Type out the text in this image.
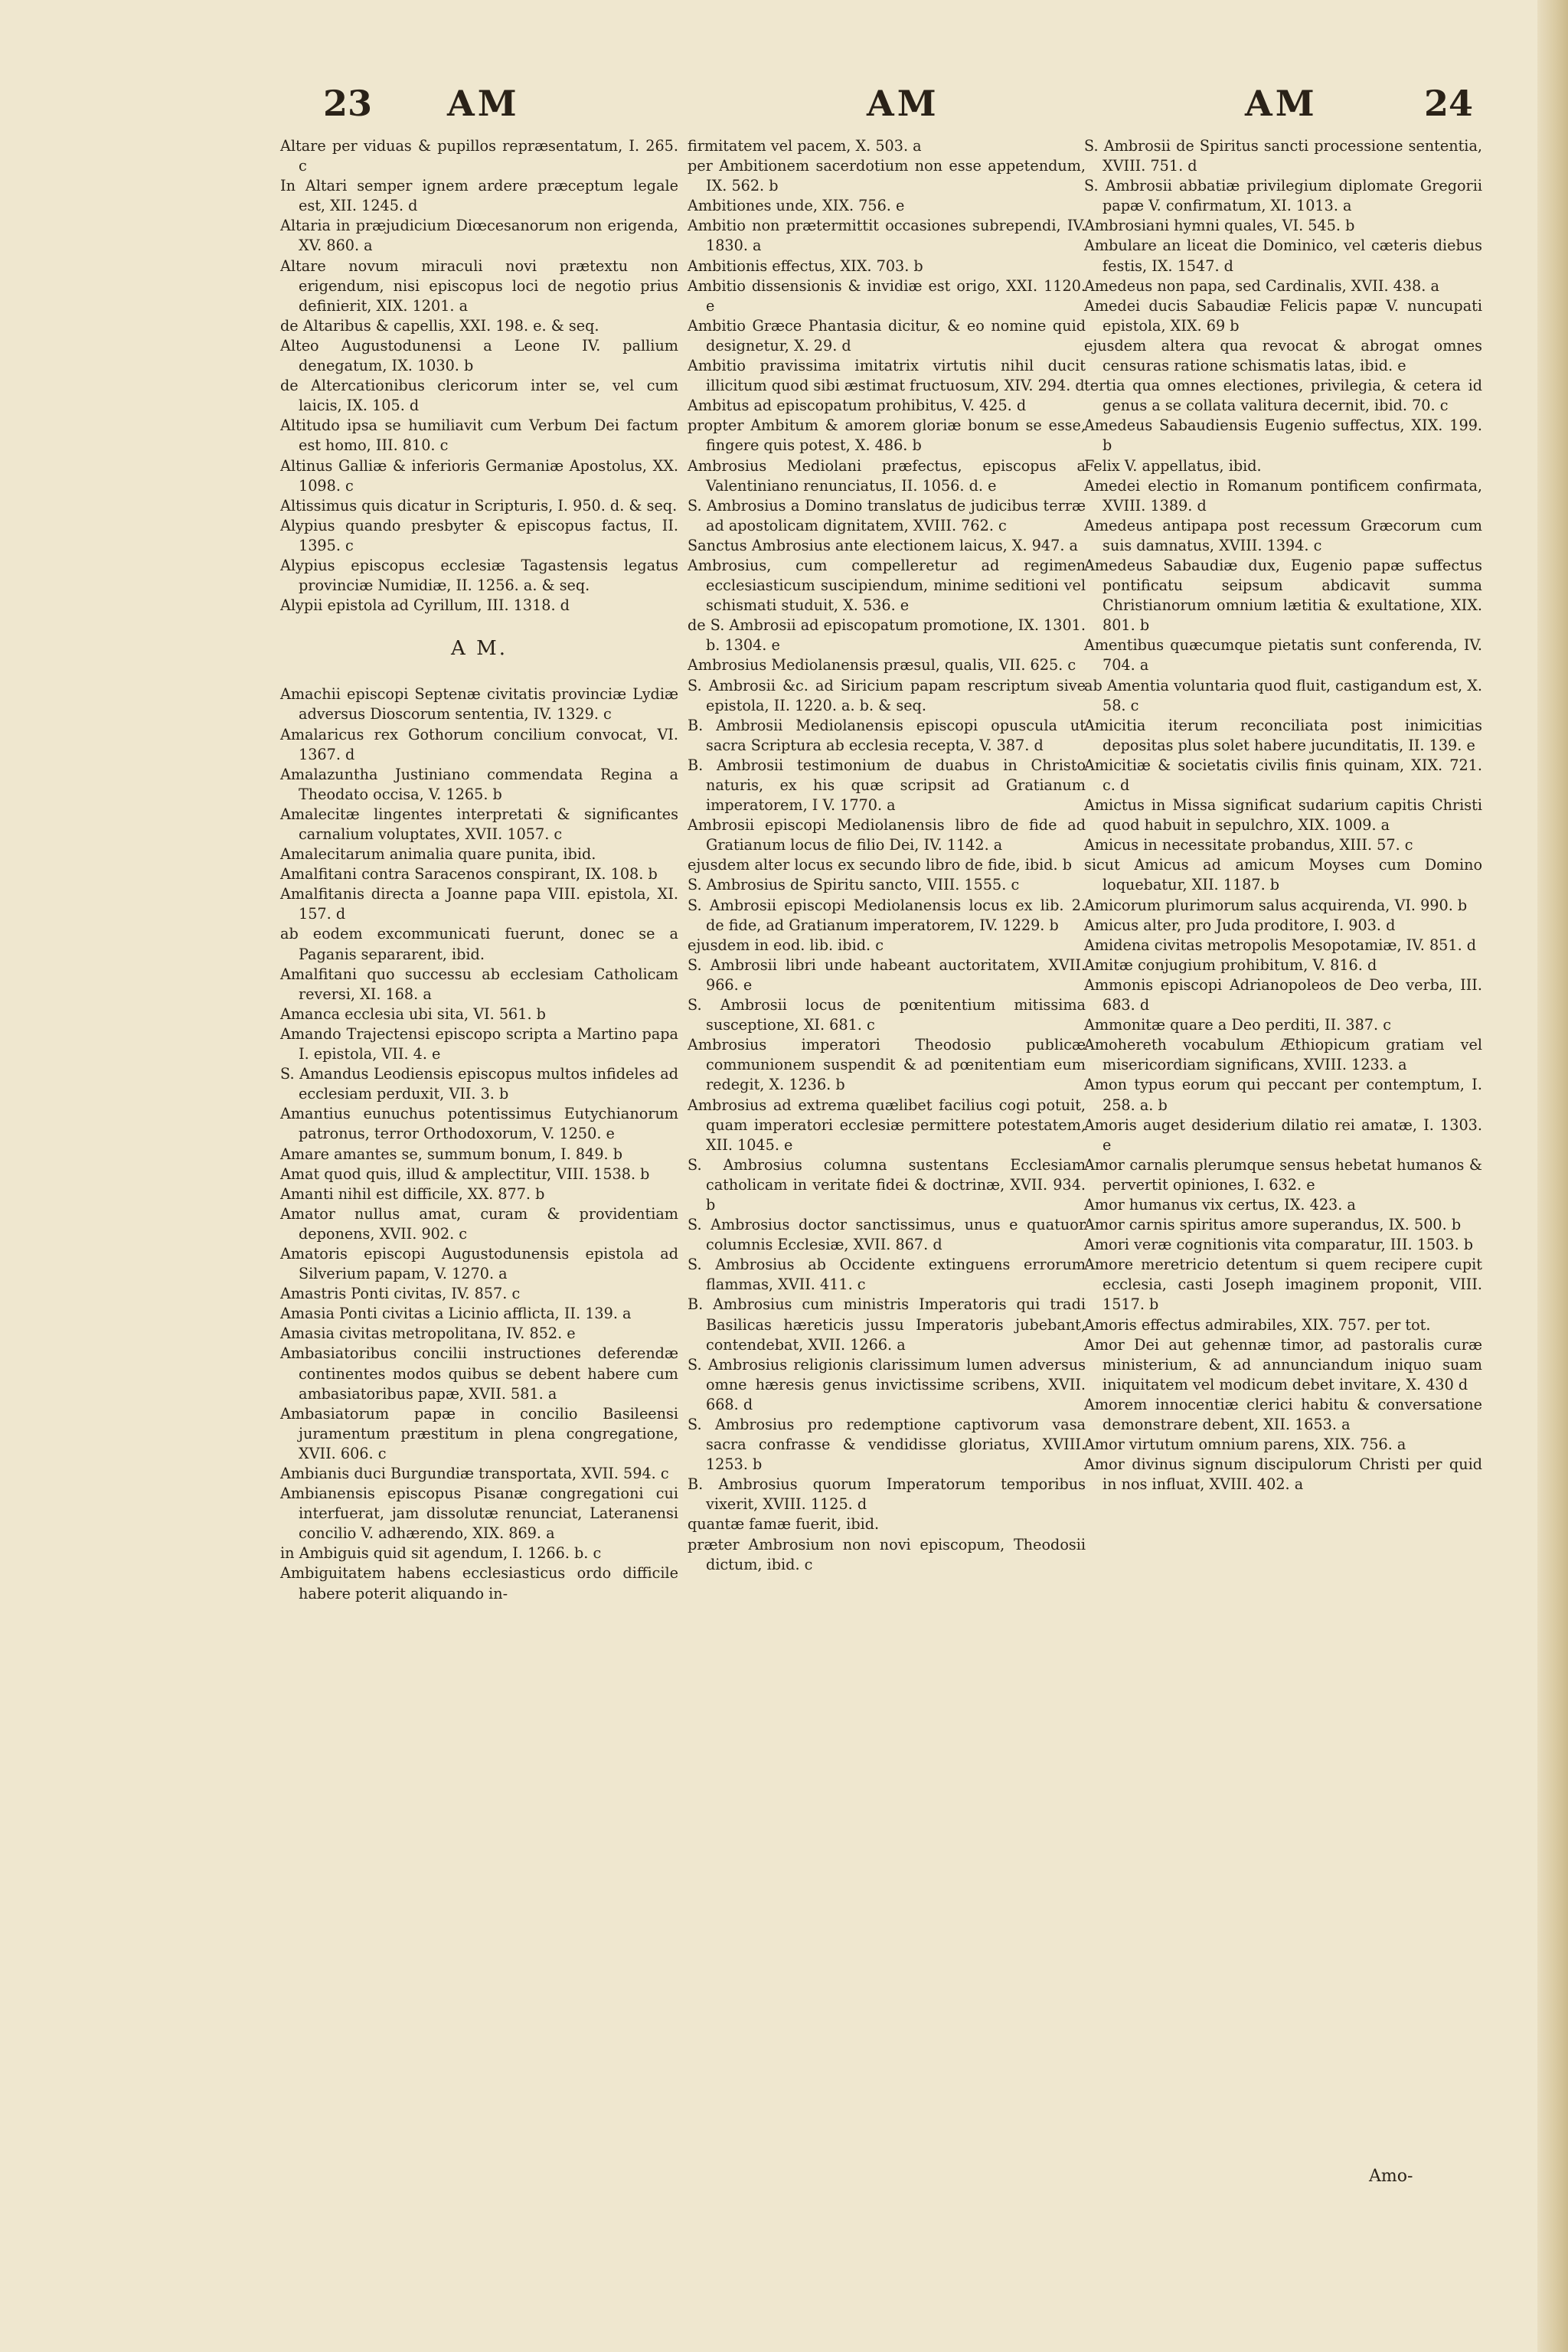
23 AM	AM	AM	24

Altare per viduas & pupillos repræsentatum, I. 265. c

In Altari semper ignem ardere præceptum legale est, XII. 1245. d

Altaria in præjudicium Diœcesanorum non erigenda, XV. 860. a

Altare novum miraculi novi prætextu non erigendum, nisi episcopus loci de negotio prius definierit, XIX. 1201. a

de Altaribus & capellis, XXI. 198. e. & seq.

Alteo Augustodunensi a Leone IV. pallium denegatum, IX. 1030. b

de Altercationibus clericorum inter se, vel cum laicis, IX. 105. d

Altitudo ipsa se humiliavit cum Verbum Dei factum est homo, III. 810. c

Altinus Galliæ & inferioris Germaniæ Apostolus, XX. 1098. c

Altissimus quis dicatur in Scripturis, I. 950. d. & seq.

Alypius quando presbyter & episcopus factus, II. 1395. c

Alypius episcopus ecclesiæ Tagastensis legatus provinciæ Numidiæ, II. 1256. a. & seq.

Alypii epistola ad Cyrillum, III. 1318. d

A M.

Amachii episcopi Septenæ civitatis provinciæ Lydiæ adversus Dioscorum sententia, IV. 1329. c

Amalaricus rex Gothorum concilium convocat, VI. 1367. d

Amalazuntha Justiniano commendata Regina a Theodato occisa, V. 1265. b

Amalecitæ lingentes interpretati & significantes carnalium voluptates, XVII. 1057. c

Amalecitarum animalia quare punita, ibid.

Amalfitani contra Saracenos conspirant, IX. 108. b

Amalfitanis directa a Joanne papa VIII. epistola, XI. 157. d

ab eodem excommunicati fuerunt, donec se a Paganis separarent, ibid.

Amalfitani quo successu ab ecclesiam Catholicam reversi, XI. 168. a

Amanca ecclesia ubi sita, VI. 561. b

Amando Trajectensi episcopo scripta a Martino papa I. epistola, VII. 4. e

S. Amandus Leodiensis episcopus multos infideles ad ecclesiam perduxit, VII. 3. b

Amantius eunuchus potentissimus Eutychianorum patronus, terror Orthodoxorum, V. 1250. e

Amare amantes se, summum bonum, I. 849. b

Amat quod quis, illud & amplectitur, VIII. 1538. b

Amanti nihil est difficile, XX. 877. b

Amator nullus amat, curam & providentiam deponens, XVII. 902. c

Amatoris episcopi Augustodunensis epistola ad Silverium papam, V. 1270. a

Amastris Ponti civitas, IV. 857. c

Amasia Ponti civitas a Licinio afflicta, II. 139. a

Amasia civitas metropolitana, IV. 852. e

Ambasiatoribus concilii instructiones deferendæ continentes modos quibus se debent habere cum ambasiatoribus papæ, XVII. 581. a

Ambasiatorum papæ in concilio Basileensi juramentum præstitum in plena congregatione, XVII. 606. c

Ambianis duci Burgundiæ transportata, XVII. 594. c

Ambianensis episcopus Pisanæ congregationi cui interfuerat, jam dissolutæ renunciat, Lateranensi concilio V. adhærendo, XIX. 869. a

in Ambiguis quid sit agendum, I. 1266. b. c

Ambiguitatem habens ecclesiasticus ordo difficile habere poterit aliquando in-

firmitatem vel pacem, X. 503. a

per Ambitionem sacerdotium non esse appetendum, IX. 562. b

Ambitiones unde, XIX. 756. e

Ambitio non prætermittit occasiones subrependi, IV. 1830. a

Ambitionis effectus, XIX. 703. b

Ambitio dissensionis & invidiæ est origo, XXI. 1120. e

Ambitio Græce Phantasia dicitur, & eo nomine quid designetur, X. 29. d

Ambitio pravissima imitatrix virtutis nihil ducit illicitum quod sibi æstimat fructuosum, XIV. 294. d

Ambitus ad episcopatum prohibitus, V. 425. d

propter Ambitum & amorem gloriæ bonum se esse, fingere quis potest, X. 486. b

Ambrosius Mediolani præfectus, episcopus a Valentiniano renunciatus, II. 1056. d. e

S. Ambrosius a Domino translatus de judicibus terræ ad apostolicam dignitatem, XVIII. 762. c

Sanctus Ambrosius ante electionem laicus, X. 947. a

Ambrosius, cum compelleretur ad regimen ecclesiasticum suscipiendum, minime seditioni vel schismati studuit, X. 536. e

de S. Ambrosii ad episcopatum promotione, IX. 1301. b. 1304. e

Ambrosius Mediolanensis præsul, qualis, VII. 625. c

S. Ambrosii &c. ad Siricium papam rescriptum sive epistola, II. 1220. a. b. & seq.

B. Ambrosii Mediolanensis episcopi opuscula ut sacra Scriptura ab ecclesia recepta, V. 387. d

B. Ambrosii testimonium de duabus in Christo naturis, ex his quæ scripsit ad Gratianum imperatorem, I V. 1770. a

Ambrosii episcopi Mediolanensis libro de fide ad Gratianum locus de filio Dei, IV. 1142. a

ejusdem alter locus ex secundo libro de fide, ibid. b

S. Ambrosius de Spiritu sancto, VIII. 1555. c

S. Ambrosii episcopi Mediolanensis locus ex lib. 2. de fide, ad Gratianum imperatorem, IV. 1229. b

ejusdem in eod. lib. ibid. c

S. Ambrosii libri unde habeant auctoritatem, XVII. 966. e

S. Ambrosii locus de pœnitentium mitissima susceptione, XI. 681. c

Ambrosius imperatori Theodosio publicæ communionem suspendit & ad pœnitentiam eum redegit, X. 1236. b

Ambrosius ad extrema quælibet facilius cogi potuit, quam imperatori ecclesiæ permittere potestatem, XII. 1045. e

S. Ambrosius columna sustentans Ecclesiam catholicam in veritate fidei & doctrinæ, XVII. 934. b

S. Ambrosius doctor sanctissimus, unus e quatuor columnis Ecclesiæ, XVII. 867. d

S. Ambrosius ab Occidente extinguens errorum flammas, XVII. 411. c

B. Ambrosius cum ministris Imperatoris qui tradi Basilicas hæreticis jussu Imperatoris jubebant, contendebat, XVII. 1266. a

S. Ambrosius religionis clarissimum lumen adversus omne hæresis genus invictissime scribens, XVII. 668. d

S. Ambrosius pro redemptione captivorum vasa sacra confrasse & vendidisse gloriatus, XVIII. 1253. b

B. Ambrosius quorum Imperatorum temporibus vixerit, XVIII. 1125. d

quantæ famæ fuerit, ibid.

præter Ambrosium non novi episcopum, Theodosii dictum, ibid. c

S. Ambrosii de Spiritus sancti processione sententia, XVIII. 751. d

S. Ambrosii abbatiæ privilegium diplomate Gregorii papæ V. confirmatum, XI. 1013. a

Ambrosiani hymni quales, VI. 545. b

Ambulare an liceat die Dominico, vel cæteris diebus festis, IX. 1547. d

Amedeus non papa, sed Cardinalis, XVII. 438. a

Amedei ducis Sabaudiæ Felicis papæ V. nuncupati epistola, XIX. 69 b

ejusdem altera qua revocat & abrogat omnes censuras ratione schismatis latas, ibid. e

tertia qua omnes electiones, privilegia, & cetera id genus a se collata valitura decernit, ibid. 70. c

Amedeus Sabaudiensis Eugenio suffectus, XIX. 199. b

Felix V. appellatus, ibid.

Amedei electio in Romanum pontificem confirmata, XVIII. 1389. d

Amedeus antipapa post recessum Græcorum cum suis damnatus, XVIII. 1394. c

Amedeus Sabaudiæ dux, Eugenio papæ suffectus pontificatu seipsum abdicavit summa Christianorum omnium lætitia & exultatione, XIX. 801. b

Amentibus quæcumque pietatis sunt conferenda, IV. 704. a

ab Amentia voluntaria quod fluit, castigandum est, X. 58. c

Amicitia iterum reconciliata post inimicitias depositas plus solet habere jucunditatis, II. 139. e

Amicitiæ & societatis civilis finis quinam, XIX. 721. c. d

Amictus in Missa significat sudarium capitis Christi quod habuit in sepulchro, XIX. 1009. a

Amicus in necessitate probandus, XIII. 57. c

sicut Amicus ad amicum Moyses cum Domino loquebatur, XII. 1187. b

Amicorum plurimorum salus acquirenda, VI. 990. b

Amicus alter, pro Juda proditore, I. 903. d

Amidena civitas metropolis Mesopotamiæ, IV. 851. d

Amitæ conjugium prohibitum, V. 816. d

Ammonis episcopi Adrianopoleos de Deo verba, III. 683. d

Ammonitæ quare a Deo perditi, II. 387. c

Amohereth vocabulum Æthiopicum gratiam vel misericordiam significans, XVIII. 1233. a

Amon typus eorum qui peccant per contemptum, I. 258. a. b

Amoris auget desiderium dilatio rei amatæ, I. 1303. e

Amor carnalis plerumque sensus hebetat humanos & pervertit opiniones, I. 632. e

Amor humanus vix certus, IX. 423. a

Amor carnis spiritus amore superandus, IX. 500. b

Amori veræ cognitionis vita comparatur, III. 1503. b

Amore meretricio detentum si quem recipere cupit ecclesia, casti Joseph imaginem proponit, VIII. 1517. b

Amoris effectus admirabiles, XIX. 757. per tot.

Amor Dei aut gehennæ timor, ad pastoralis curæ ministerium, & ad annunciandum iniquo suam iniquitatem vel modicum debet invitare, X. 430 d

Amorem innocentiæ clerici habitu & conversatione demonstrare debent, XII. 1653. a

Amor virtutum omnium parens, XIX. 756. a

Amor divinus signum discipulorum Christi per quid in nos influat, XVIII. 402. a

Amo-
